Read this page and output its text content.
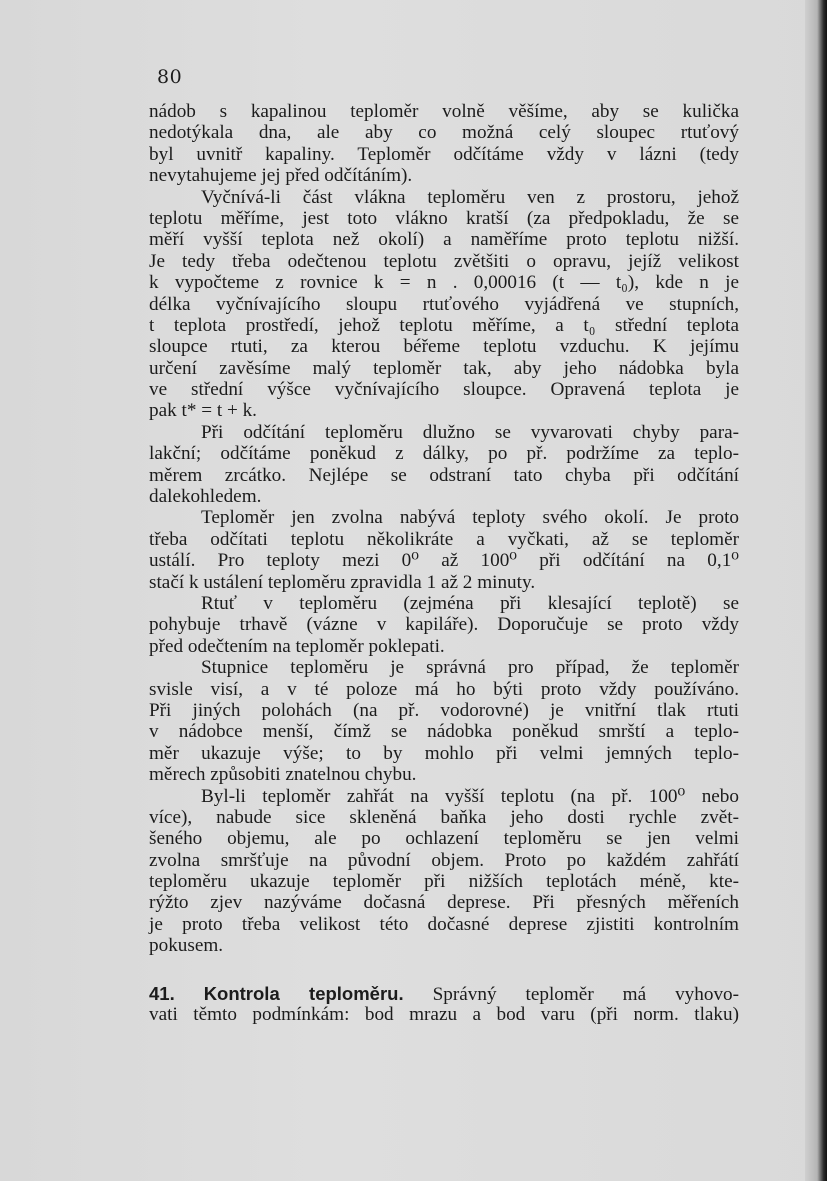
80
nádob s kapalinou teploměr volně věšíme, aby se kulička
nedotýkala dna, ale aby co možná celý sloupec rtuťový
byl uvnitř kapaliny. Teploměr odčítáme vždy v lázni (tedy
nevytahujeme jej před odčítáním).
Vyčnívá-li část vlákna teploměru ven z prostoru, jehož
teplotu měříme, jest toto vlákno kratší (za předpokladu, že se
měří vyšší teplota než okolí) a naměříme proto teplotu nižší.
Je tedy třeba odečtenou teplotu zvětšiti o opravu, jejíž velikost
k vypočteme z rovnice k = n . 0,00016 (t — t₀), kde n je
délka vyčnívajícího sloupu rtuťového vyjádřená ve stupních,
t teplota prostředí, jehož teplotu měříme, a t₀ střední teplota
sloupce rtuti, za kterou béřeme teplotu vzduchu. K jejímu
určení zavěsíme malý teploměr tak, aby jeho nádobka byla
ve střední výšce vyčnívajícího sloupce. Opravená teplota je
pak t* = t + k.
Při odčítání teploměru dlužno se vyvarovati chyby para-
lakční; odčítáme poněkud z dálky, po př. podržíme za teplo-
měrem zrcátko. Nejlépe se odstraní tato chyba při odčítání
dalekohledem.
Teploměr jen zvolna nabývá teploty svého okolí. Je proto
třeba odčítati teplotu několikráte a vyčkati, až se teploměr
ustálí. Pro teploty mezi 0⁰ až 100⁰ při odčítání na 0,1⁰
stačí k ustálení teploměru zpravidla 1 až 2 minuty.
Rtuť v teploměru (zejména při klesající teplotě) se
pohybuje trhavě (vázne v kapiláře). Doporučuje se proto vždy
před odečtením na teploměr poklepati.
Stupnice teploměru je správná pro případ, že teploměr
svisle visí, a v té poloze má ho býti proto vždy používáno.
Při jiných polohách (na př. vodorovné) je vnitřní tlak rtuti
v nádobce menší, čímž se nádobka poněkud smrští a teplo-
měr ukazuje výše; to by mohlo při velmi jemných teplo-
měrech způsobiti znatelnou chybu.
Byl-li teploměr zahřát na vyšší teplotu (na př. 100⁰ nebo
více), nabude sice skleněná baňka jeho dosti rychle zvět-
šeného objemu, ale po ochlazení teploměru se jen velmi
zvolna smršťuje na původní objem. Proto po každém zahřátí
teploměru ukazuje teploměr při nižších teplotách méně, kte-
rýžto zjev nazýváme dočasná deprese. Při přesných měřeních
je proto třeba velikost této dočasné deprese zjistiti kontrolním
pokusem.
41. Kontrola teploměru. Správný teploměr má vyhovo-
vati těmto podmínkám: bod mrazu a bod varu (při norm. tlaku)
